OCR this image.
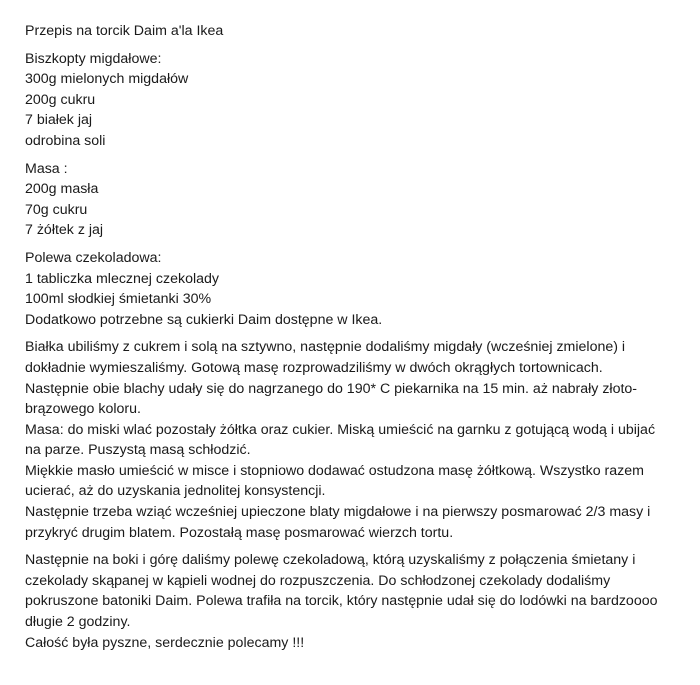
Przepis na torcik Daim a'la Ikea
Biszkopty migdałowe:
300g mielonych migdałów
200g cukru
7 białek jaj
odrobina soli
Masa :
200g masła
70g cukru
7 żółtek z jaj
Polewa czekoladowa:
1 tabliczka mlecznej czekolady
100ml słodkiej śmietanki 30%
Dodatkowo potrzebne są cukierki Daim dostępne w Ikea.
Białka ubiliśmy z cukrem i solą na sztywno, następnie dodaliśmy migdały (wcześniej zmielone) i
dokładnie wymieszaliśmy. Gotową masę rozprowadziliśmy w dwóch okrągłych tortownicach.
Następnie obie blachy udały się do nagrzanego do 190* C piekarnika na 15 min. aż nabrały złoto-
brązowego koloru.
Masa: do miski wlać pozostały żółtka oraz cukier. Miską umieścić na garnku z gotującą wodą i ubijać
na parze. Puszystą masą schłodzić.
Miękkie masło umieścić w misce i stopniowo dodawać ostudzona masę żółtkową. Wszystko razem
ucierać, aż do uzyskania jednolitej konsystencji.
Następnie trzeba wziąć wcześniej upieczone blaty migdałowe i na pierwszy posmarować 2/3 masy i
przykryć drugim blatem. Pozostałą masę posmarować wierzch tortu.
Następnie na boki i górę daliśmy polewę czekoladową, którą uzyskaliśmy z połączenia śmietany i
czekolady skąpanej w kąpieli wodnej do rozpuszczenia. Do schłodzonej czekolady dodaliśmy
pokruszone batoniki Daim. Polewa trafiła na torcik, który następnie udał się do lodówki na bardzoooo
długie 2 godziny.
Całość była pyszne, serdecznie polecamy !!!
